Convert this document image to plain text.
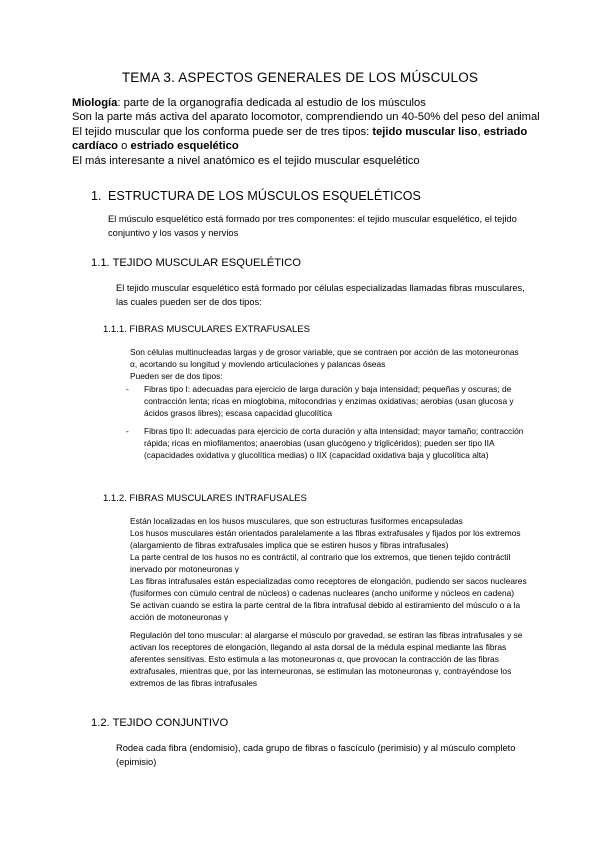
TEMA 3. ASPECTOS GENERALES DE LOS MÚSCULOS

Miología: parte de la organografía dedicada al estudio de los músculos

Son la parte más activa del aparato locomotor, comprendiendo un 40-50% del peso del animal

El tejido muscular que los conforma puede ser de tres tipos: tejido muscular liso, estriado cardíaco o estriado esquelético

El más interesante a nivel anatómico es el tejido muscular esquelético

1. ESTRUCTURA DE LOS MÚSCULOS ESQUELÉTICOS

El músculo esquelético está formado por tres componentes: el tejido muscular esquelético, el tejido conjuntivo y los vasos y nervios

1.1. TEJIDO MUSCULAR ESQUELÉTICO

El tejido muscular esquelético está formado por células especializadas llamadas fibras musculares, las cuales pueden ser de dos tipos:

1.1.1. FIBRAS MUSCULARES EXTRAFUSALES

Son células multinucleadas largas y de grosor variable, que se contraen por acción de las motoneuronas α, acortando su longitud y moviendo articulaciones y palancas óseas

Pueden ser de dos tipos:

- Fibras tipo I: adecuadas para ejercicio de larga duración y baja intensidad; pequeñas y oscuras; de contracción lenta; ricas en mioglobina, mitocondrias y enzimas oxidativas; aerobias (usan glucosa y ácidos grasos libres); escasa capacidad glucolítica
- Fibras tipo II: adecuadas para ejercicio de corta duración y alta intensidad; mayor tamaño; contracción rápida; ricas en miofilamentos; anaerobias (usan glucógeno y triglicéridos); pueden ser tipo IIA (capacidades oxidativa y glucolítica medias) o IIX (capacidad oxidativa baja y glucolítica alta)
1.1.2. FIBRAS MUSCULARES INTRAFUSALES

Están localizadas en los husos musculares, que son estructuras fusiformes encapsuladas

Los husos musculares están orientados paralelamente a las fibras extrafusales y fijados por los extremos (alargamiento de fibras extrafusales implica que se estiren husos y fibras intrafusales)

La parte central de los husos no es contráctil, al contrario que los extremos, que tienen tejido contráctil inervado por motoneuronas γ

Las fibras intrafusales están especializadas como receptores de elongación, pudiendo ser sacos nucleares (fusiformes con cúmulo central de núcleos) o cadenas nucleares (ancho uniforme y núcleos en cadena)

Se activan cuando se estira la parte central de la fibra intrafusal debido al estiramiento del músculo o a la acción de motoneuronas γ

Regulación del tono muscular: al alargarse el músculo por gravedad, se estiran las fibras intrafusales y se activan los receptores de elongación, llegando al asta dorsal de la médula espinal mediante las fibras aferentes sensitivas. Esto estimula a las motoneuronas α, que provocan la contracción de las fibras extrafusales, mientras que, por las interneuronas, se estimulan las motoneuronas γ, contrayéndose los extremos de las fibras intrafusales

1.2. TEJIDO CONJUNTIVO

Rodea cada fibra (endomisio), cada grupo de fibras o fascículo (perimisio) y al músculo completo (epimisio)
